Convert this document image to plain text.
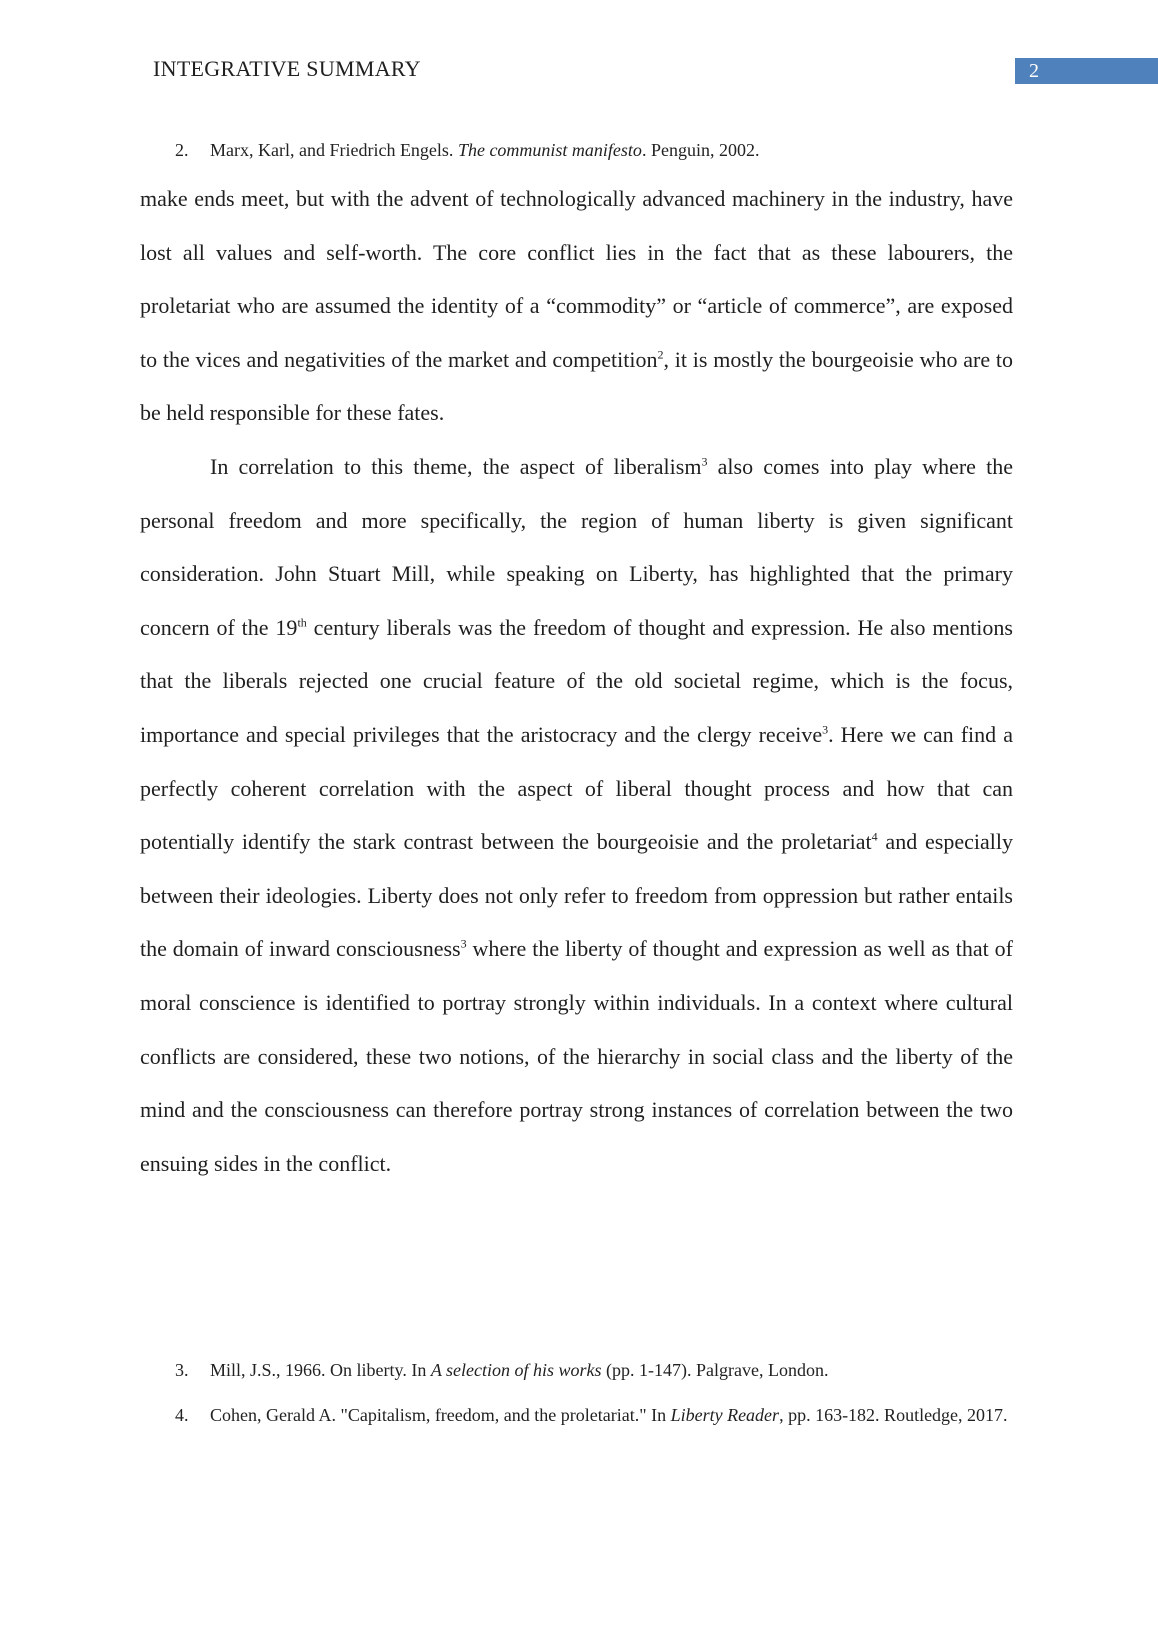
INTEGRATIVE SUMMARY	2
2. Marx, Karl, and Friedrich Engels. The communist manifesto. Penguin, 2002.

make ends meet, but with the advent of technologically advanced machinery in the industry, have lost all values and self-worth. The core conflict lies in the fact that as these labourers, the proletariat who are assumed the identity of a “commodity” or “article of commerce”, are exposed to the vices and negativities of the market and competition$^2$, it is mostly the bourgeoisie who are to be held responsible for these fates.

In correlation to this theme, the aspect of liberalism$^3$ also comes into play where the personal freedom and more specifically, the region of human liberty is given significant consideration. John Stuart Mill, while speaking on Liberty, has highlighted that the primary concern of the 19th century liberals was the freedom of thought and expression. He also mentions that the liberals rejected one crucial feature of the old societal regime, which is the focus, importance and special privileges that the aristocracy and the clergy receive$^3$. Here we can find a perfectly coherent correlation with the aspect of liberal thought process and how that can potentially identify the stark contrast between the bourgeoisie and the proletariat$^4$ and especially between their ideologies. Liberty does not only refer to freedom from oppression but rather entails the domain of inward consciousness$^3$ where the liberty of thought and expression as well as that of moral conscience is identified to portray strongly within individuals. In a context where cultural conflicts are considered, these two notions, of the hierarchy in social class and the liberty of the mind and the consciousness can therefore portray strong instances of correlation between the two ensuing sides in the conflict.

3. Mill, J.S., 1966. On liberty. In A selection of his works (pp. 1-147). Palgrave, London.
4. Cohen, Gerald A. "Capitalism, freedom, and the proletariat." In Liberty Reader, pp. 163-182. Routledge, 2017.
